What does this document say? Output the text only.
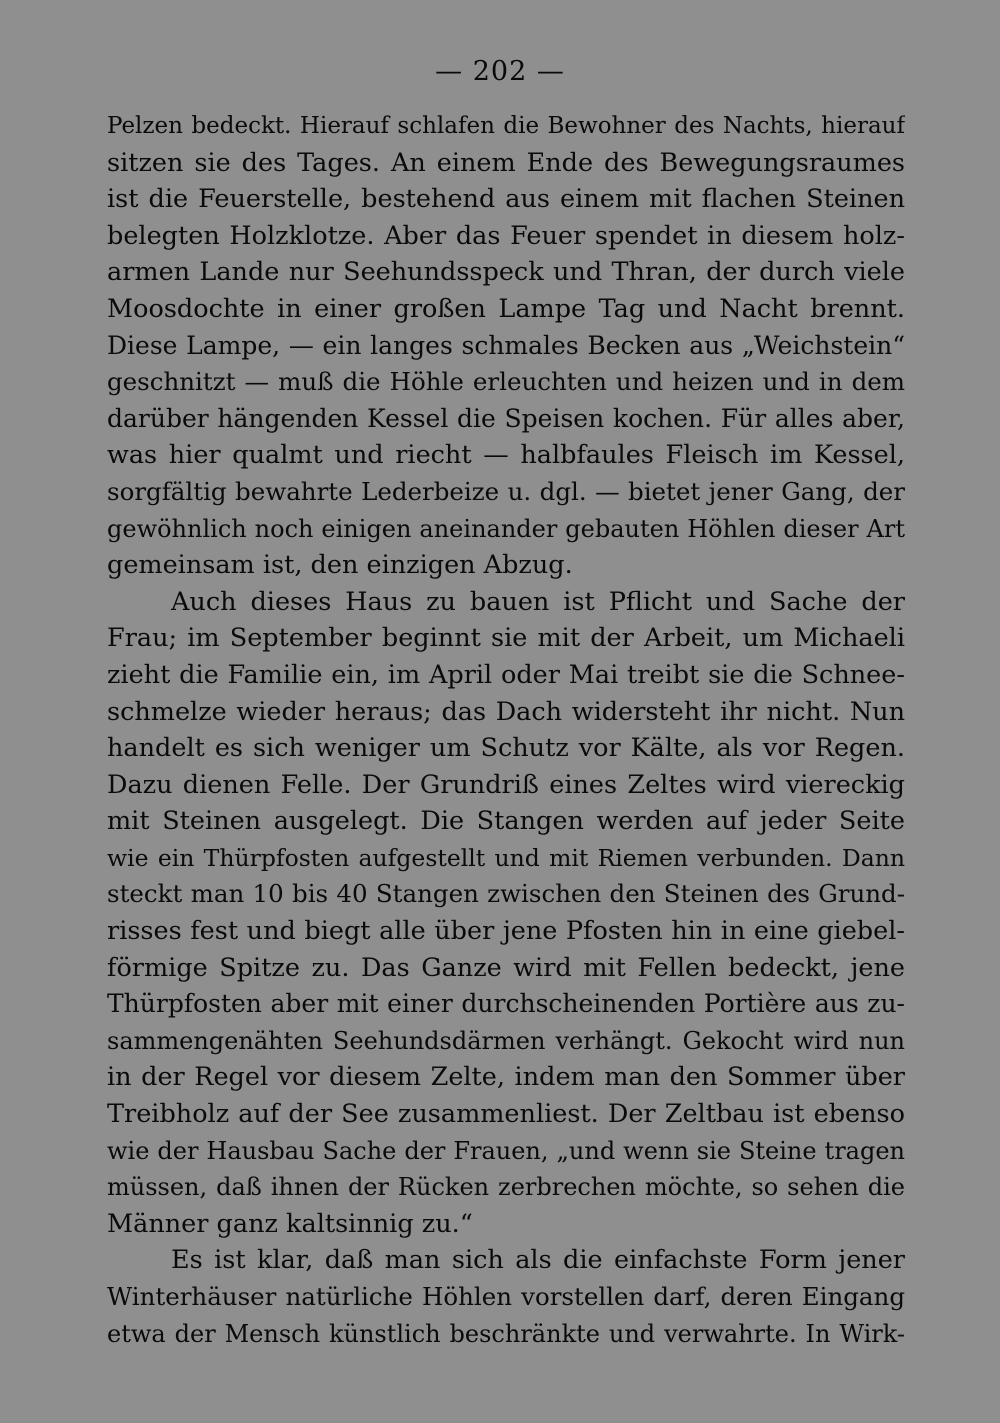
— 202 —
Pelzen bedeckt. Hierauf schlafen die Bewohner des Nachts, hierauf
sitzen sie des Tages. An einem Ende des Bewegungsraumes
ist die Feuerstelle, bestehend aus einem mit flachen Steinen
belegten Holzklotze. Aber das Feuer spendet in diesem holz-
armen Lande nur Seehundsspeck und Thran, der durch viele
Moosdochte in einer großen Lampe Tag und Nacht brennt.
Diese Lampe, — ein langes schmales Becken aus „Weichstein“
geschnitzt — muß die Höhle erleuchten und heizen und in dem
darüber hängenden Kessel die Speisen kochen. Für alles aber,
was hier qualmt und riecht — halbfaules Fleisch im Kessel,
sorgfältig bewahrte Lederbeize u. dgl. — bietet jener Gang, der
gewöhnlich noch einigen aneinander gebauten Höhlen dieser Art
gemeinsam ist, den einzigen Abzug.
Auch dieses Haus zu bauen ist Pflicht und Sache der
Frau; im September beginnt sie mit der Arbeit, um Michaeli
zieht die Familie ein, im April oder Mai treibt sie die Schnee-
schmelze wieder heraus; das Dach widersteht ihr nicht. Nun
handelt es sich weniger um Schutz vor Kälte, als vor Regen.
Dazu dienen Felle. Der Grundriß eines Zeltes wird viereckig
mit Steinen ausgelegt. Die Stangen werden auf jeder Seite
wie ein Thürpfosten aufgestellt und mit Riemen verbunden. Dann
steckt man 10 bis 40 Stangen zwischen den Steinen des Grund-
risses fest und biegt alle über jene Pfosten hin in eine giebel-
förmige Spitze zu. Das Ganze wird mit Fellen bedeckt, jene
Thürpfosten aber mit einer durchscheinenden Portière aus zu-
sammengenähten Seehundsdärmen verhängt. Gekocht wird nun
in der Regel vor diesem Zelte, indem man den Sommer über
Treibholz auf der See zusammenliest. Der Zeltbau ist ebenso
wie der Hausbau Sache der Frauen, „und wenn sie Steine tragen
müssen, daß ihnen der Rücken zerbrechen möchte, so sehen die
Männer ganz kaltsinnig zu.“
Es ist klar, daß man sich als die einfachste Form jener
Winterhäuser natürliche Höhlen vorstellen darf, deren Eingang
etwa der Mensch künstlich beschränkte und verwahrte. In Wirk-
